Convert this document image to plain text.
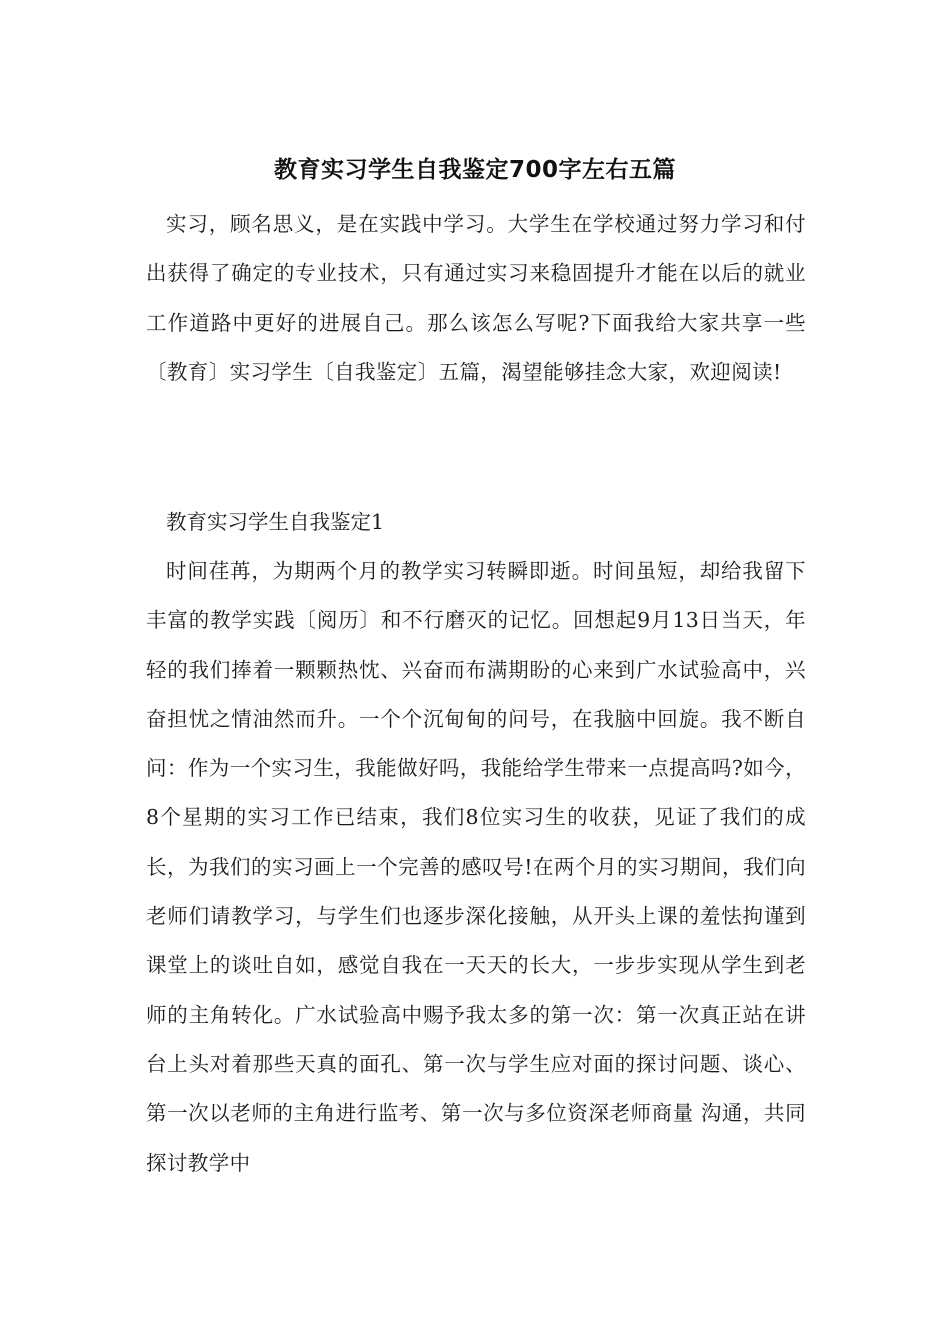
教育实习学生自我鉴定700字左右五篇

实习，顾名思义，是在实践中学习。大学生在学校通过努力学习和付出获得了确定的专业技术，只有通过实习来稳固提升才能在以后的就业工作道路中更好的进展自己。那么该怎么写呢?下面我给大家共享一些〔教育〕实习学生〔自我鉴定〕五篇，渴望能够挂念大家，欢迎阅读!

教育实习学生自我鉴定1

时间荏苒，为期两个月的教学实习转瞬即逝。时间虽短，却给我留下丰富的教学实践〔阅历〕和不行磨灭的记忆。回想起9月13日当天，年轻的我们捧着一颗颗热忱、兴奋而布满期盼的心来到广水试验高中，兴奋担忧之情油然而升。一个个沉甸甸的问号，在我脑中回旋。我不断自问：作为一个实习生，我能做好吗，我能给学生带来一点提高吗?如今，8个星期的实习工作已结束，我们8位实习生的收获，见证了我们的成长，为我们的实习画上一个完善的感叹号!在两个月的实习期间，我们向老师们请教学习，与学生们也逐步深化接触，从开头上课的羞怯拘谨到课堂上的谈吐自如，感觉自我在一天天的长大，一步步实现从学生到老师的主角转化。广水试验高中赐予我太多的第一次：第一次真正站在讲台上头对着那些天真的面孔、第一次与学生应对面的探讨问题、谈心、第一次以老师的主角进行监考、第一次与多位资深老师商量 沟通，共同探讨教学中
